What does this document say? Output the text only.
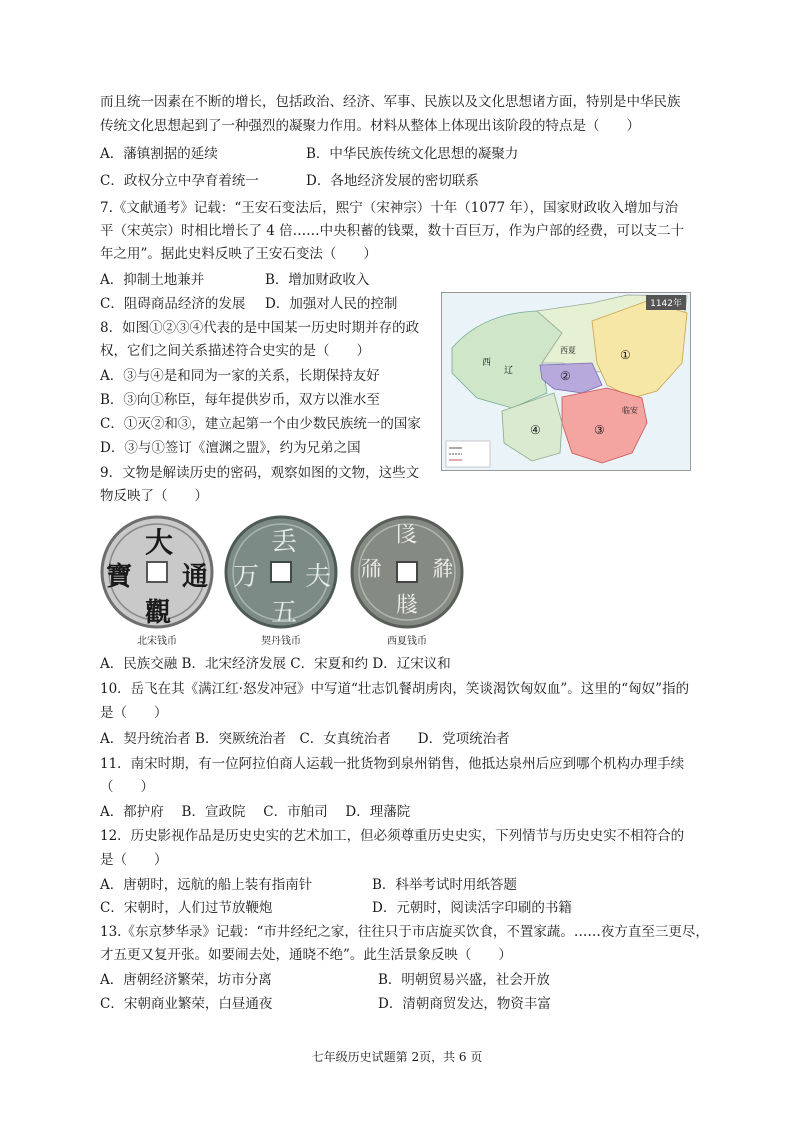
而且统一因素在不断的增长，包括政治、经济、军事、民族以及文化思想诸方面，特别是中华民族
传统文化思想起到了一种强烈的凝聚力作用。材料从整体上体现出该阶段的特点是（　　）
A．藩镇割据的延续	B．中华民族传统文化思想的凝聚力
C．政权分立中孕育着统一	D．各地经济发展的密切联系
7.《文献通考》记载：“王安石变法后，熙宁（宋神宗）十年（1077 年），国家财政收入增加与治
平（宋英宗）时相比增长了 4 倍……中央积蓄的钱粟，数十百巨万，作为户部的经费，可以支二十
年之用”。据此史料反映了王安石变法（　　）
A．抑制土地兼并	B．增加财政收入
C．阻碍商品经济的发展 D．加强对人民的控制
8．如图①②③④代表的是中国某一历史时期并存的政
权，它们之间关系描述符合史实的是（　　）
A．③与④是和同为一家的关系，长期保持友好
B．③向①称臣，每年提供岁币，双方以淮水至
C．①灭②和③，建立起第一个由少数民族统一的国家
D．③与①签订《澶渊之盟》，约为兄弟之国
1142年
西
辽
西夏	①
②
③
④
临安
9．文物是解读历史的密码，观察如图的文物，这些文
物反映了（　　）
大
通
觀
寶
北宋钱币
丢
夫
五
万
契丹钱币
𗁅
𗴂
𗹦
𗗙
西夏钱币
A．民族交融 B．北宋经济发展 C．宋夏和约 D．辽宋议和
10．岳飞在其《满江红·怒发冲冠》中写道“壮志饥餐胡虏肉，笑谈渴饮匈奴血”。这里的“匈奴”指的
是（　　）
A．契丹统治者 B．突厥统治者　C．女真统治者　　D．党项统治者
11．南宋时期，有一位阿拉伯商人运载一批货物到泉州销售，他抵达泉州后应到哪个机构办理手续
（　　）
A．都护府　 B．宣政院　 C．市舶司　 D．理藩院
12．历史影视作品是历史史实的艺术加工，但必须尊重历史史实，下列情节与历史史实不相符合的
是（　　）
A．唐朝时，远航的船上装有指南针	B．科举考试时用纸答题
C．宋朝时，人们过节放鞭炮	D．元朝时，阅读活字印刷的书籍
13.《东京梦华录》记载：“市井经纪之家，往往只于市店旋买饮食，不置家蔬。……夜方直至三更尽，
才五更又复开张。如要闹去处，通晓不绝”。此生活景象反映（　　）
A．唐朝经济繁荣，坊市分离	B．明朝贸易兴盛，社会开放
C．宋朝商业繁荣，白昼通夜	D．清朝商贸发达，物资丰富
七年级历史试题第 2页，共 6 页
